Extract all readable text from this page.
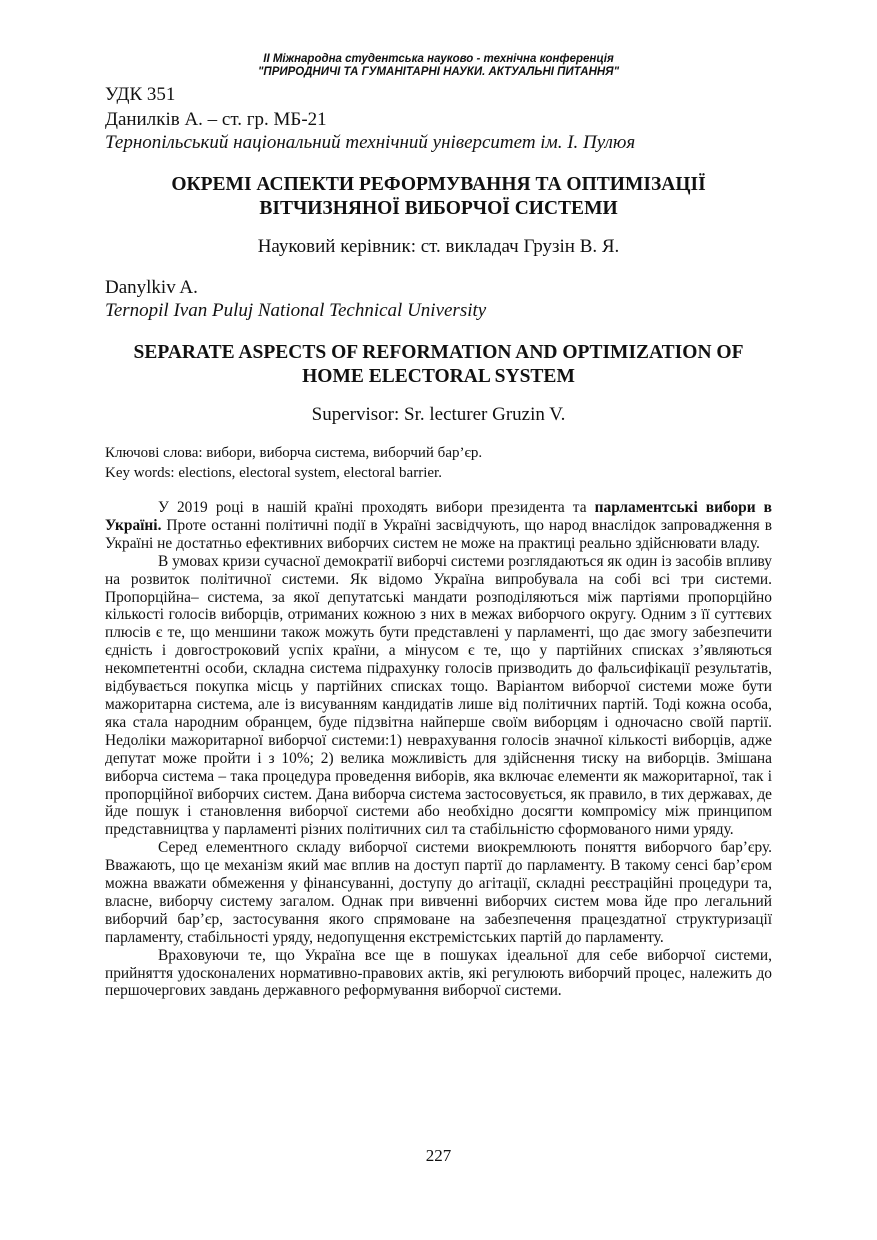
II Міжнародна студентська науково - технічна конференція
"ПРИРОДНИЧІ ТА ГУМАНІТАРНІ НАУКИ. АКТУАЛЬНІ ПИТАННЯ"
УДК 351
Данилків А. – ст. гр. МБ-21
Тернопільський національний технічний університет ім. І. Пулюя
ОКРЕМІ АСПЕКТИ РЕФОРМУВАННЯ ТА ОПТИМІЗАЦІЇ
ВІТЧИЗНЯНОЇ ВИБОРЧОЇ СИСТЕМИ
Науковий керівник: ст. викладач Грузін В. Я.
Danylkiv A.
Ternopil Ivan Puluj National Technical University
SEPARATE ASPECTS OF REFORMATION AND OPTIMIZATION OF
HOME ELECTORAL SYSTEM
Supervisor: Sr. lecturer Gruzin V.
Ключові слова: вибори, виборча система, виборчий бар’єр.
Key words: elections, electoral system, electoral barrier.

У 2019 році в нашій країні проходять вибори президента та парламентські вибори в Україні. Проте останні політичні події в Україні засвідчують, що народ внаслідок запровадження в Україні не достатньо ефективних виборчих систем не може на практиці реально здійснювати владу.

В умовах кризи сучасної демократії виборчі системи розглядаються як один із засобів впливу на розвиток політичної системи. Як відомо Україна випробувала на собі всі три системи. Пропорційна– система, за якої депутатські мандати розподіляються між партіями пропорційно кількості голосів виборців, отриманих кожною з них в межах виборчого округу. Одним з її суттєвих плюсів є те, що меншини також можуть бути представлені у парламенті, що дає змогу забезпечити єдність і довгостроковий успіх країни, а мінусом є те, що у партійних списках з’являються некомпетентні особи, складна система підрахунку голосів призводить до фальсифікації результатів, відбувається покупка місць у партійних списках тощо. Варіантом виборчої системи може бути мажоритарна система, але із висуванням кандидатів лише від політичних партій. Тоді кожна особа, яка стала народним обранцем, буде підзвітна найперше своїм виборцям і одночасно своїй партії. Недоліки мажоритарної виборчої системи:1) неврахування голосів значної кількості виборців, адже депутат може пройти і з 10%; 2) велика можливість для здійснення тиску на виборців. Змішана виборча система – така процедура проведення виборів, яка включає елементи як мажоритарної, так і пропорційної виборчих систем. Дана виборча система застосовується, як правило, в тих державах, де йде пошук і становлення виборчої системи або необхідно досягти компромісу між принципом представництва у парламенті різних політичних сил та стабільністю сформованого ними уряду.

Серед елементного складу виборчої системи виокремлюють поняття виборчого бар’єру. Вважають, що це механізм який має вплив на доступ партії до парламенту. В такому сенсі бар’єром можна вважати обмеження у фінансуванні, доступу до агітації, складні реєстраційні процедури та, власне, виборчу систему загалом. Однак при вивченні виборчих систем мова йде про легальний виборчий бар’єр, застосування якого спрямоване на забезпечення працездатної структуризації парламенту, стабільності уряду, недопущення екстремістських партій до парламенту.

Враховуючи те, що Україна все ще в пошуках ідеальної для себе виборчої системи, прийняття удосконалених нормативно-правових актів, які регулюють виборчий процес, належить до першочергових завдань державного реформування виборчої системи.

227
